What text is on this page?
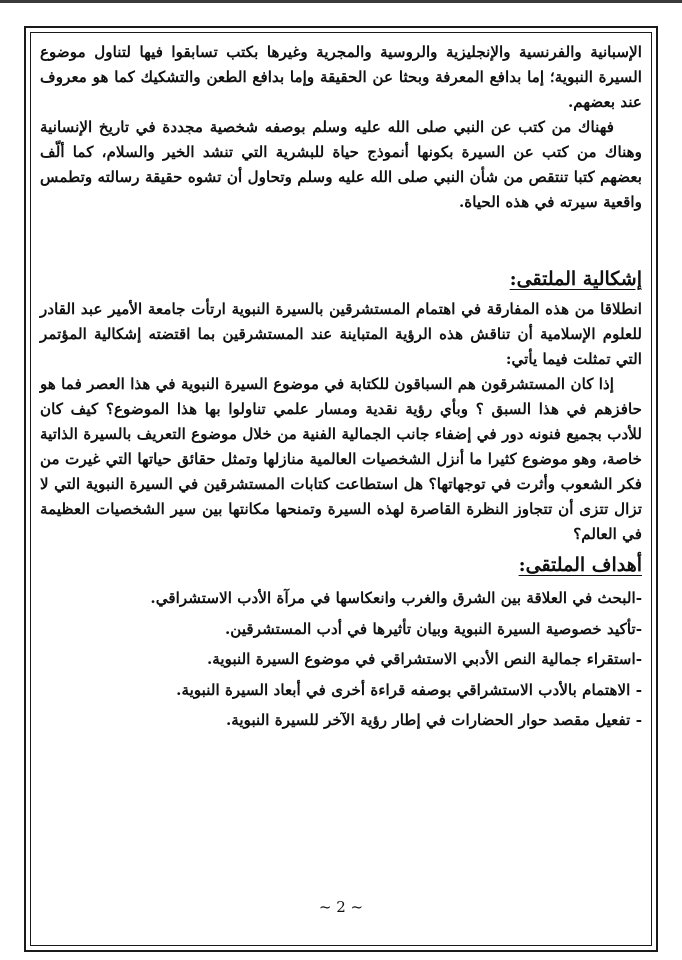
الإسبانية والفرنسية والإنجليزية والروسية والمجرية وغيرها بكتب تسابقوا فيها لتناول موضوع السيرة النبوية؛ إما بدافع المعرفة وبحثا عن الحقيقة وإما بدافع الطعن والتشكيك كما هو معروف عند بعضهم.

فهناك من كتب عن النبي صلى الله عليه وسلم بوصفه شخصية مجددة في تاريخ الإنسانية وهناك من كتب عن السيرة بكونها أنموذج حياة للبشرية التي تنشد الخير والسلام، كما ألّف بعضهم كتبا تنتقص من شأن النبي صلى الله عليه وسلم وتحاول أن تشوه حقيقة رسالته وتطمس واقعية سيرته في هذه الحياة.

إشكالية الملتقى:

انطلاقا من هذه المفارقة في اهتمام المستشرقين بالسيرة النبوية ارتأت جامعة الأمير عبد القادر للعلوم الإسلامية أن تناقش هذه الرؤية المتباينة عند المستشرقين بما اقتضته إشكالية المؤتمر التي تمثلت فيما يأتي:

إذا كان المستشرقون هم السباقون للكتابة في موضوع السيرة النبوية في هذا العصر فما هو حافزهم في هذا السبق ؟ وبأي رؤية نقدية ومسار علمي تناولوا بها هذا الموضوع؟ كيف كان للأدب بجميع فنونه دور في إضفاء جانب الجمالية الفنية من خلال موضوع التعريف بالسيرة الذاتية خاصة، وهو موضوع كثيرا ما أنزل الشخصيات العالمية منازلها وتمثل حقائق حياتها التي غيرت من فكر الشعوب وأثرت في توجهاتها؟ هل استطاعت كتابات المستشرقين في السيرة النبوية التي لا تزال تتزى أن تتجاوز النظرة القاصرة لهذه السيرة وتمنحها مكانتها بين سير الشخصيات العظيمة في العالم؟

أهداف الملتقى:
-البحث في العلاقة بين الشرق والغرب وانعكاسها في مرآة الأدب الاستشراقي.
-تأكيد خصوصية السيرة النبوية وبيان تأثيرها في أدب المستشرقين.
-استقراء جمالية النص الأدبي الاستشراقي في موضوع السيرة النبوية.
- الاهتمام بالأدب الاستشراقي بوصفه قراءة أخرى في أبعاد السيرة النبوية.
- تفعيل مقصد حوار الحضارات في إطار رؤية الآخر للسيرة النبوية.
~ 2 ~
